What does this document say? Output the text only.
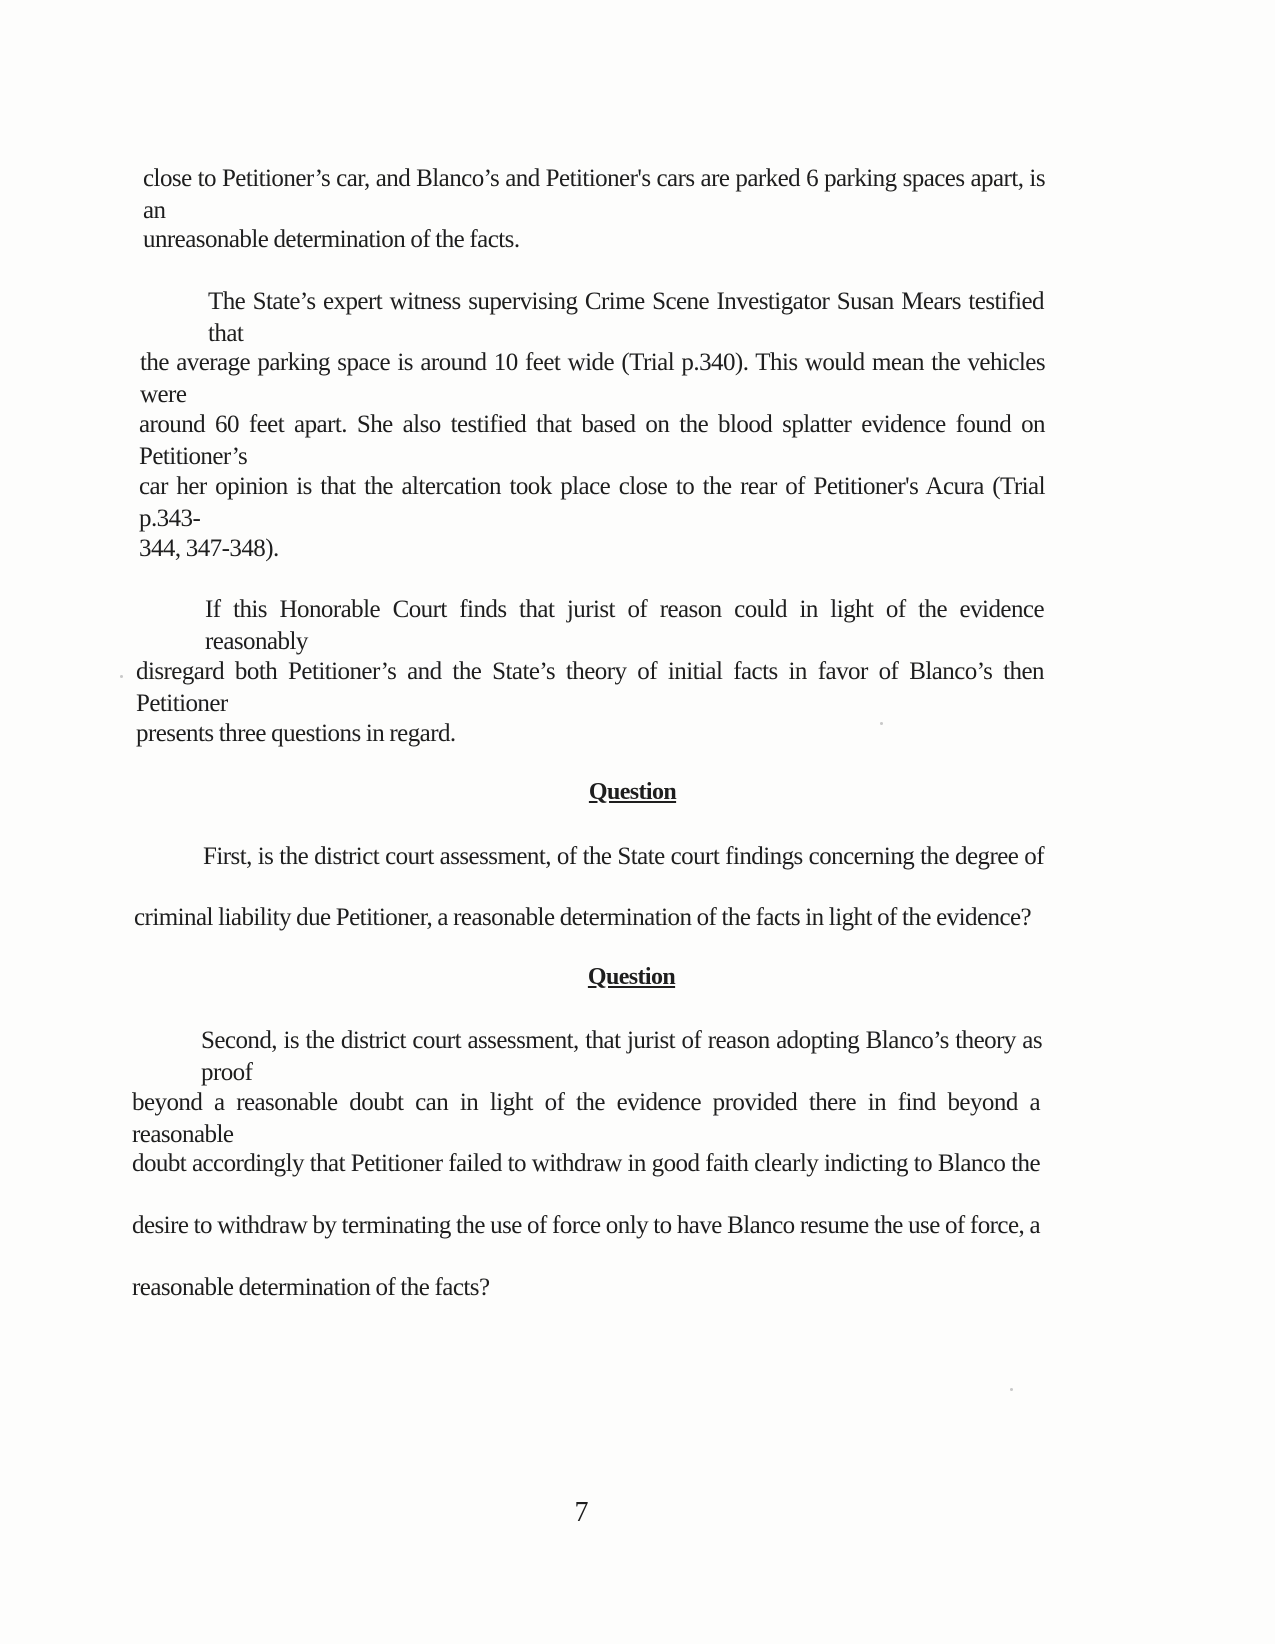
close to Petitioner’s car, and Blanco’s and Petitioner's cars are parked 6 parking spaces apart, is an
unreasonable determination of the facts.
The State’s expert witness supervising Crime Scene Investigator Susan Mears testified that
the average parking space is around 10 feet wide (Trial p.340). This would mean the vehicles were
around 60 feet apart. She also testified that based on the blood splatter evidence found on Petitioner’s
car her opinion is that the altercation took place close to the rear of Petitioner's Acura (Trial p.343-
344, 347-348).
If this Honorable Court finds that jurist of reason could in light of the evidence reasonably
disregard both Petitioner’s and the State’s theory of initial facts in favor of Blanco’s then Petitioner
presents three questions in regard.
Question
First, is the district court assessment, of the State court findings concerning the degree of
criminal liability due Petitioner, a reasonable determination of the facts in light of the evidence?
Question
Second, is the district court assessment, that jurist of reason adopting Blanco’s theory as proof
beyond a reasonable doubt can in light of the evidence provided there in find beyond a reasonable
doubt accordingly that Petitioner failed to withdraw in good faith clearly indicting to Blanco the
desire to withdraw by terminating the use of force only to have Blanco resume the use of force, a
reasonable determination of the facts?
7
